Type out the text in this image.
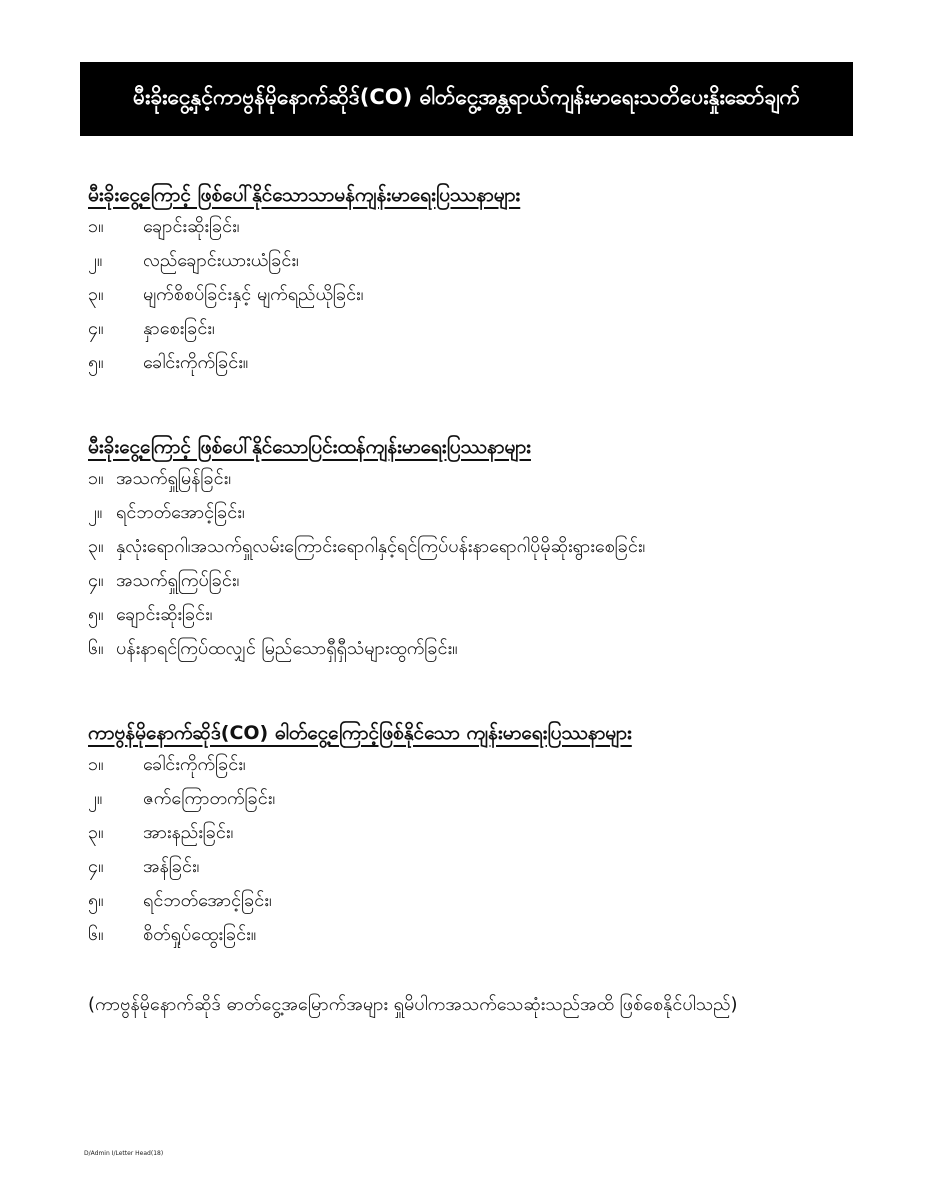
မီးခိုးငွေ့နှင့်ကာဗွန်မိုနောက်ဆိုဒ်(CO) ဓါတ်ငွေ့အန္တရာယ်ကျန်းမာရေးသတိပေးနှိုးဆော်ချက်
မီးခိုးငွေ့ကြောင့် ဖြစ်ပေါ်နိုင်သောသာမန်ကျန်းမာရေးပြဿနာများ
၁။	ချောင်းဆိုးခြင်း၊
၂။	လည်ချောင်းယားယံခြင်း၊
၃။	မျက်စိစပ်ခြင်းနှင့် မျက်ရည်ယိုခြင်း၊
၄။	နှာစေးခြင်း၊
၅။	ခေါင်းကိုက်ခြင်း။
မီးခိုးငွေ့ကြောင့် ဖြစ်ပေါ်နိုင်သောပြင်းထန်ကျန်းမာရေးပြဿနာများ
၁။ အသက်ရှူမြန်ခြင်း၊
၂။ ရင်ဘတ်အောင့်ခြင်း၊
၃။ နှလုံးရောဂါ၊အသက်ရှူလမ်းကြောင်းရောဂါနှင့်ရင်ကြပ်ပန်းနာရောဂါပိုမိုဆိုးရွားစေခြင်း၊
၄။ အသက်ရှူကြပ်ခြင်း၊
၅။ ချောင်းဆိုးခြင်း၊
၆။ ပန်းနာရင်ကြပ်ထလျှင် မြည်သောရှီရှီသံများထွက်ခြင်း။
ကာဗွန်မိုနောက်ဆိုဒ်(CO) ဓါတ်ငွေ့ကြောင့်ဖြစ်နိုင်သော ကျန်းမာရေးပြဿနာများ
၁။	ခေါင်းကိုက်ခြင်း၊
၂။	ဇက်ကြောတက်ခြင်း၊
၃။	အားနည်းခြင်း၊
၄။	အန်ခြင်း၊
၅။	ရင်ဘတ်အောင့်ခြင်း၊
၆။	စိတ်ရှုပ်ထွေးခြင်း။
(ကာဗွန်မိုနောက်ဆိုဒ် ဓာတ်ငွေ့အမြောက်အများ ရှူမိပါကအသက်သေဆုံးသည်အထိ ဖြစ်စေနိုင်ပါသည်)
D/Admin I/Letter Head(18)
